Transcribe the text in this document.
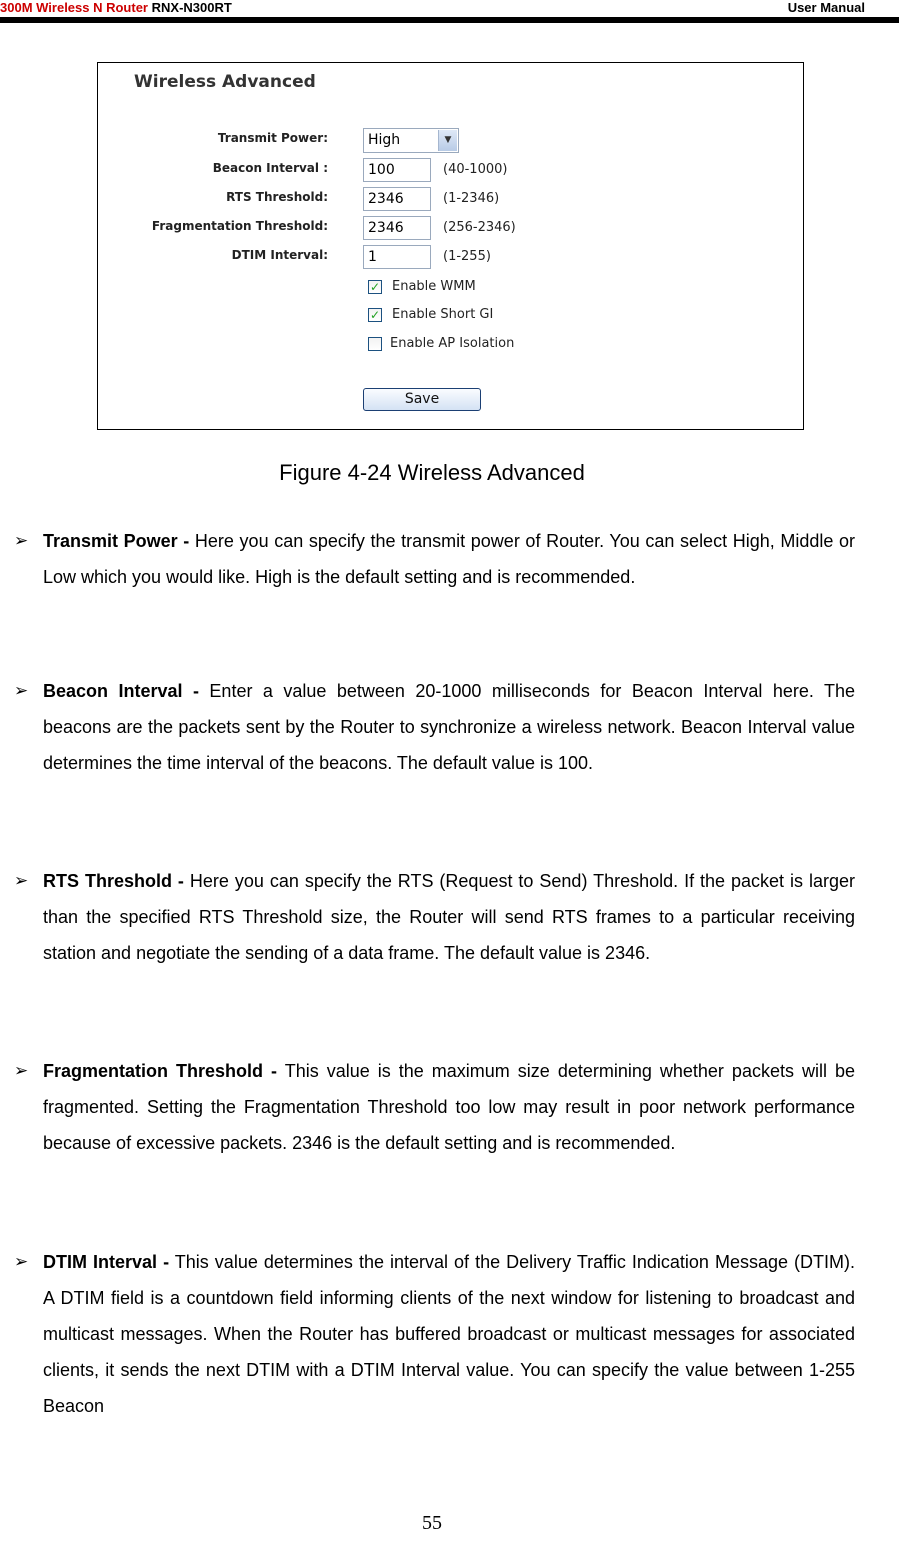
300M Wireless N Router RNX-N300RT	User Manual
Wireless Advanced
Transmit Power:	High	▼
Beacon Interval :	100	(40-1000)
RTS Threshold:	2346	(1-2346)
Fragmentation Threshold:	2346	(256-2346)
DTIM Interval:	1	(1-255)
✓ Enable WMM
✓ Enable Short GI
Enable AP Isolation
Save
Figure 4-24 Wireless Advanced
➢ Transmit Power - Here you can specify the transmit power of Router. You can select High, Middle or Low which you would like. High is the default setting and is recommended.
➢ Beacon Interval - Enter a value between 20-1000 milliseconds for Beacon Interval here. The beacons are the packets sent by the Router to synchronize a wireless network. Beacon Interval value determines the time interval of the beacons. The default value is 100.
➢ RTS Threshold - Here you can specify the RTS (Request to Send) Threshold. If the packet is larger than the specified RTS Threshold size, the Router will send RTS frames to a particular receiving station and negotiate the sending of a data frame. The default value is 2346.
➢ Fragmentation Threshold - This value is the maximum size determining whether packets will be fragmented. Setting the Fragmentation Threshold too low may result in poor network performance because of excessive packets. 2346 is the default setting and is recommended.
➢ DTIM Interval - This value determines the interval of the Delivery Traffic Indication Message (DTIM). A DTIM field is a countdown field informing clients of the next window for listening to broadcast and multicast messages. When the Router has buffered broadcast or multicast messages for associated clients, it sends the next DTIM with a DTIM Interval value. You can specify the value between 1-255 Beacon
55
